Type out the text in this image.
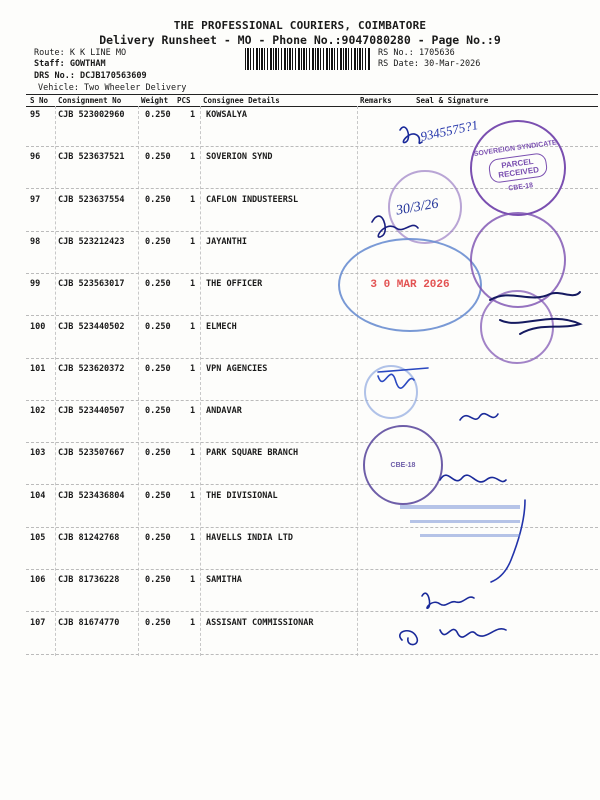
THE PROFESSIONAL COURIERS, COIMBATORE
Delivery Runsheet - MO - Phone No.:9047080280 - Page No.:9
Route: K K LINE MO
Staff: GOWTHAM
DRS No.: DCJB170563609
Vehicle: Two Wheeler Delivery
RS No.: 1705636
RS Date: 30-Mar-2026
S No Consignment No	Weight PCS Consignee Details	Remarks	Seal & Signature
95 CJB 523002960 0.250 1 KOWSALYA
96 CJB 523637521 0.250 1 SOVERION SYND
97 CJB 523637554 0.250 1 CAFLON INDUSTEERSL
98 CJB 523212423 0.250 1 JAYANTHI
99 CJB 523563017 0.250 1 THE OFFICER
100 CJB 523440502 0.250 1 ELMECH
101 CJB 523620372 0.250 1 VPN AGENCIES
102 CJB 523440507 0.250 1 ANDAVAR
103 CJB 523507667 0.250 1 PARK SQUARE BRANCH
104 CJB 523436804 0.250 1 THE DIVISIONAL
105 CJB 81242768	0.250 1 HAVELLS INDIA LTD
106 CJB 81736228	0.250 1 SAMITHA
107 CJB 81674770	0.250 1 ASSISANT COMMISSIONAR
SOVEREIGN SYNDICATE
PARCEL RECEIVED
CBE-18
3 0 MAR 2026
CBE-18
9345575?1
30/3/26
